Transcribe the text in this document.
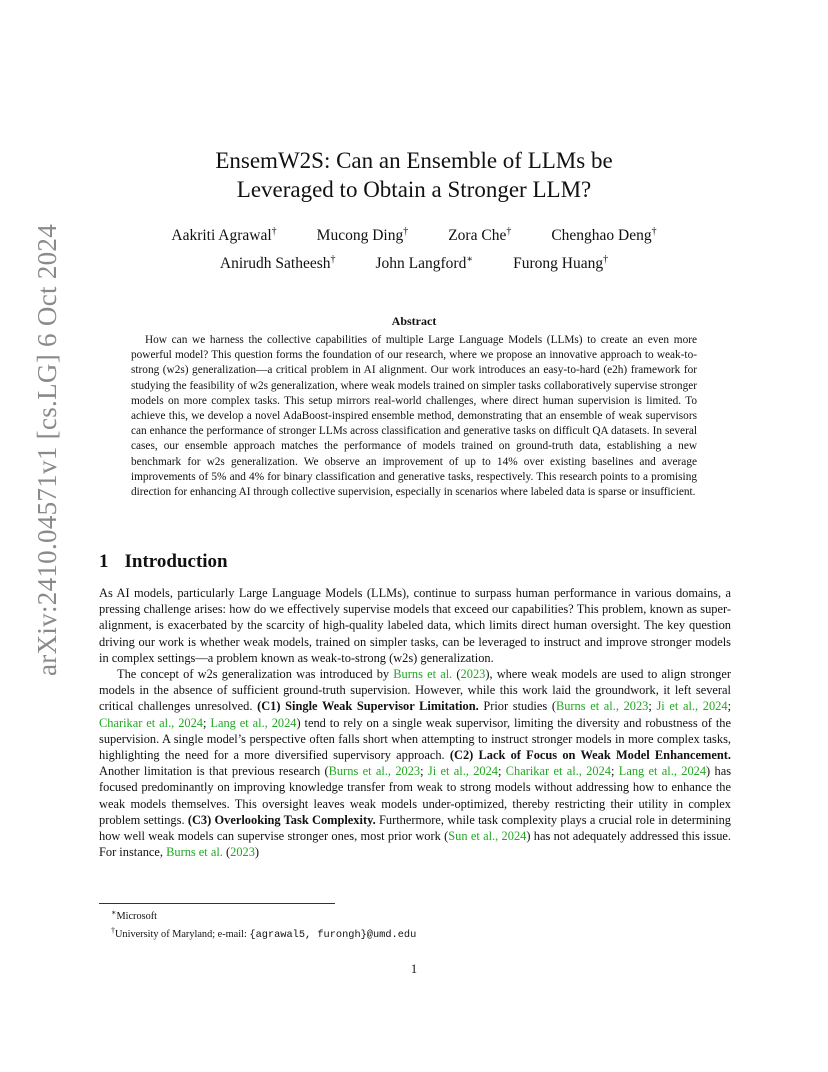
arXiv:2410.04571v1 [cs.LG] 6 Oct 2024
EnsemW2S: Can an Ensemble of LLMs be
Leveraged to Obtain a Stronger LLM?
Aakriti Agrawal†	Mucong Ding†	Zora Che†	Chenghao Deng†
Anirudh Satheesh†	John Langford∗	Furong Huang†
Abstract
How can we harness the collective capabilities of multiple Large Language Models (LLMs) to create an even more powerful model? This question forms the foundation of our research, where we propose an innovative approach to weak-to-strong (w2s) generalization—a critical problem in AI alignment. Our work introduces an easy-to-hard (e2h) framework for studying the feasibility of w2s generalization, where weak models trained on simpler tasks collaboratively supervise stronger models on more complex tasks. This setup mirrors real-world challenges, where direct human supervision is limited. To achieve this, we develop a novel AdaBoost-inspired ensemble method, demonstrating that an ensemble of weak supervisors can enhance the performance of stronger LLMs across classification and generative tasks on difficult QA datasets. In several cases, our ensemble approach matches the performance of models trained on ground-truth data, establishing a new benchmark for w2s generalization. We observe an improvement of up to 14% over existing baselines and average improvements of 5% and 4% for binary classification and generative tasks, respectively. This research points to a promising direction for enhancing AI through collective supervision, especially in scenarios where labeled data is sparse or insufficient.
1 Introduction

As AI models, particularly Large Language Models (LLMs), continue to surpass human performance in various domains, a pressing challenge arises: how do we effectively supervise models that exceed our capabilities? This problem, known as super-alignment, is exacerbated by the scarcity of high-quality labeled data, which limits direct human oversight. The key question driving our work is whether weak models, trained on simpler tasks, can be leveraged to instruct and improve stronger models in complex settings—a problem known as weak-to-strong (w2s) generalization.

The concept of w2s generalization was introduced by Burns et al. (2023), where weak models are used to align stronger models in the absence of sufficient ground-truth supervision. However, while this work laid the groundwork, it left several critical challenges unresolved. (C1) Single Weak Supervisor Limitation. Prior studies (Burns et al., 2023; Ji et al., 2024; Charikar et al., 2024; Lang et al., 2024) tend to rely on a single weak supervisor, limiting the diversity and robustness of the supervision. A single model’s perspective often falls short when attempting to instruct stronger models in more complex tasks, highlighting the need for a more diversified supervisory approach. (C2) Lack of Focus on Weak Model Enhancement. Another limitation is that previous research (Burns et al., 2023; Ji et al., 2024; Charikar et al., 2024; Lang et al., 2024) has focused predominantly on improving knowledge transfer from weak to strong models without addressing how to enhance the weak models themselves. This oversight leaves weak models under-optimized, thereby restricting their utility in complex problem settings. (C3) Overlooking Task Complexity. Furthermore, while task complexity plays a crucial role in determining how well weak models can supervise stronger ones, most prior work (Sun et al., 2024) has not adequately addressed this issue. For instance, Burns et al. (2023)

∗Microsoft
†University of Maryland; e-mail: {agrawal5, furongh}@umd.edu
1
